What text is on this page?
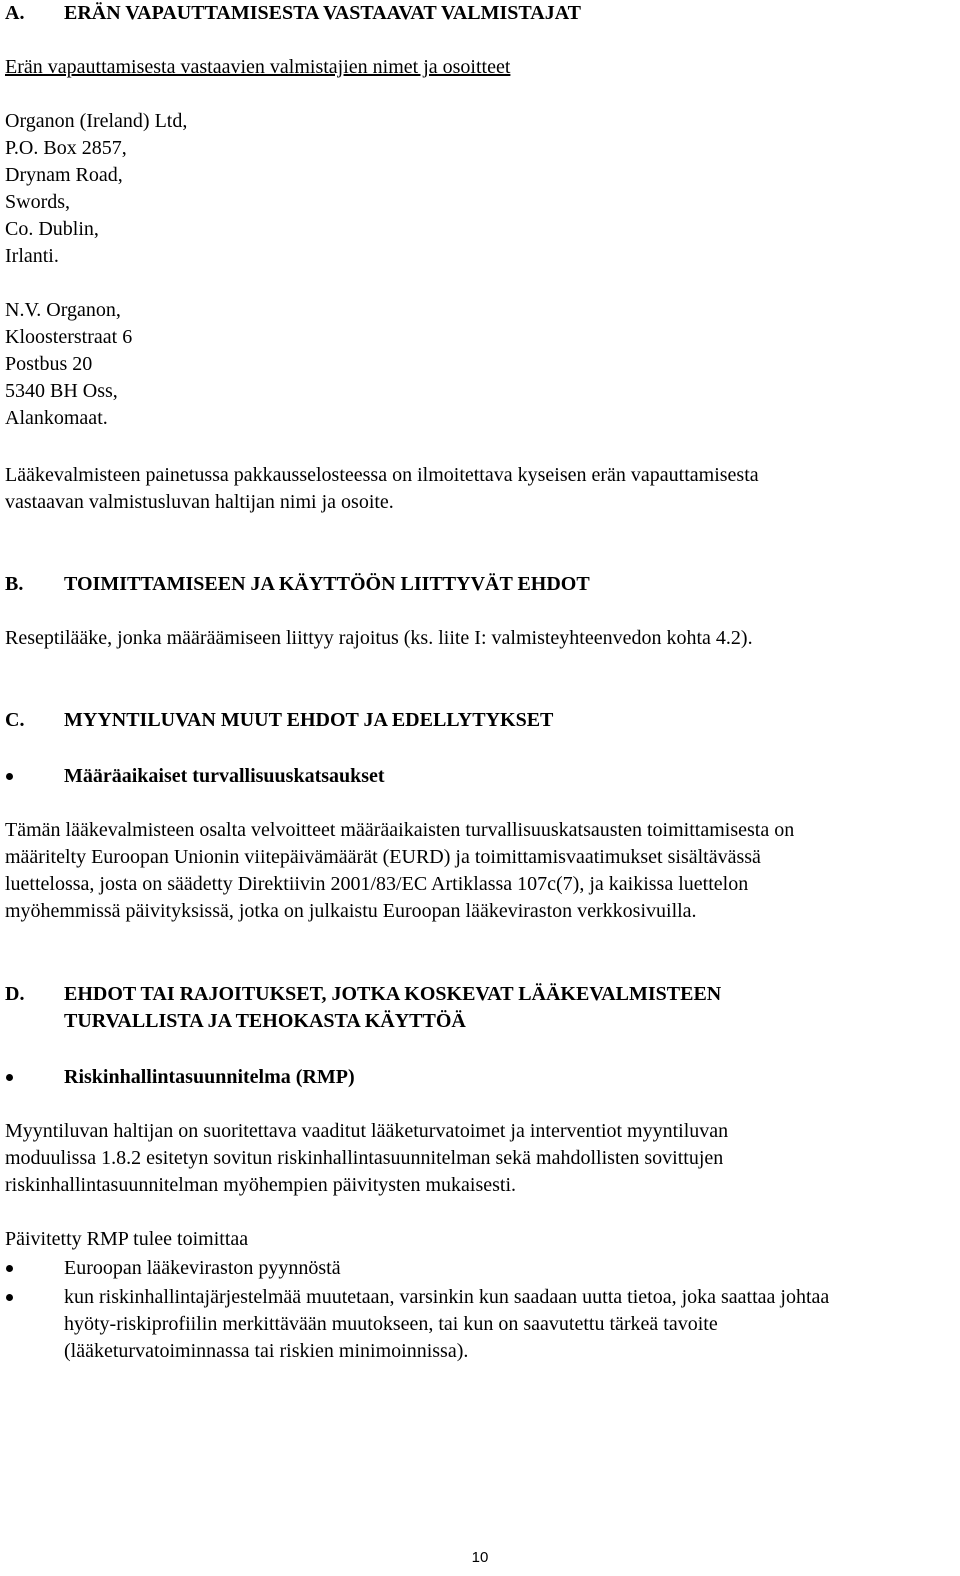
A.	ERÄN VAPAUTTAMISESTA VASTAAVAT VALMISTAJAT

Erän vapauttamisesta vastaavien valmistajien nimet ja osoitteet

Organon (Ireland) Ltd,
P.O. Box 2857,
Drynam Road,
Swords,
Co. Dublin,
Irlanti.
N.V. Organon,
Kloosterstraat 6
Postbus 20
5340 BH Oss,
Alankomaat.
Lääkevalmisteen painetussa pakkausselosteessa on ilmoitettava kyseisen erän vapauttamisesta
vastaavan valmistusluvan haltijan nimi ja osoite.
B.	TOIMITTAMISEEN JA KÄYTTÖÖN LIITTYVÄT EHDOT

Reseptilääke, jonka määräämiseen liittyy rajoitus (ks. liite I: valmisteyhteenvedon kohta 4.2).

C.	MYYNTILUVAN MUUT EHDOT JA EDELLYTYKSET
Määräaikaiset turvallisuuskatsaukset
Tämän lääkevalmisteen osalta velvoitteet määräaikaisten turvallisuuskatsausten toimittamisesta on
määritelty Euroopan Unionin viitepäivämäärät (EURD) ja toimittamisvaatimukset sisältävässä
luettelossa, josta on säädetty Direktiivin 2001/83/EC Artiklassa 107c(7), ja kaikissa luettelon
myöhemmissä päivityksissä, jotka on julkaistu Euroopan lääkeviraston verkkosivuilla.
D.	EHDOT TAI RAJOITUKSET, JOTKA KOSKEVAT LÄÄKEVALMISTEEN
TURVALLISTA JA TEHOKASTA KÄYTTÖÄ
Riskinhallintasuunnitelma (RMP)
Myyntiluvan haltijan on suoritettava vaaditut lääketurvatoimet ja interventiot myyntiluvan
moduulissa 1.8.2 esitetyn sovitun riskinhallintasuunnitelman sekä mahdollisten sovittujen
riskinhallintasuunnitelman myöhempien päivitysten mukaisesti.

Päivitetty RMP tulee toimittaa

Euroopan lääkeviraston pyynnöstä
kun riskinhallintajärjestelmää muutetaan, varsinkin kun saadaan uutta tietoa, joka saattaa johtaa
hyöty-riskiprofiilin merkittävään muutokseen, tai kun on saavutettu tärkeä tavoite
(lääketurvatoiminnassa tai riskien minimoinnissa).
10
